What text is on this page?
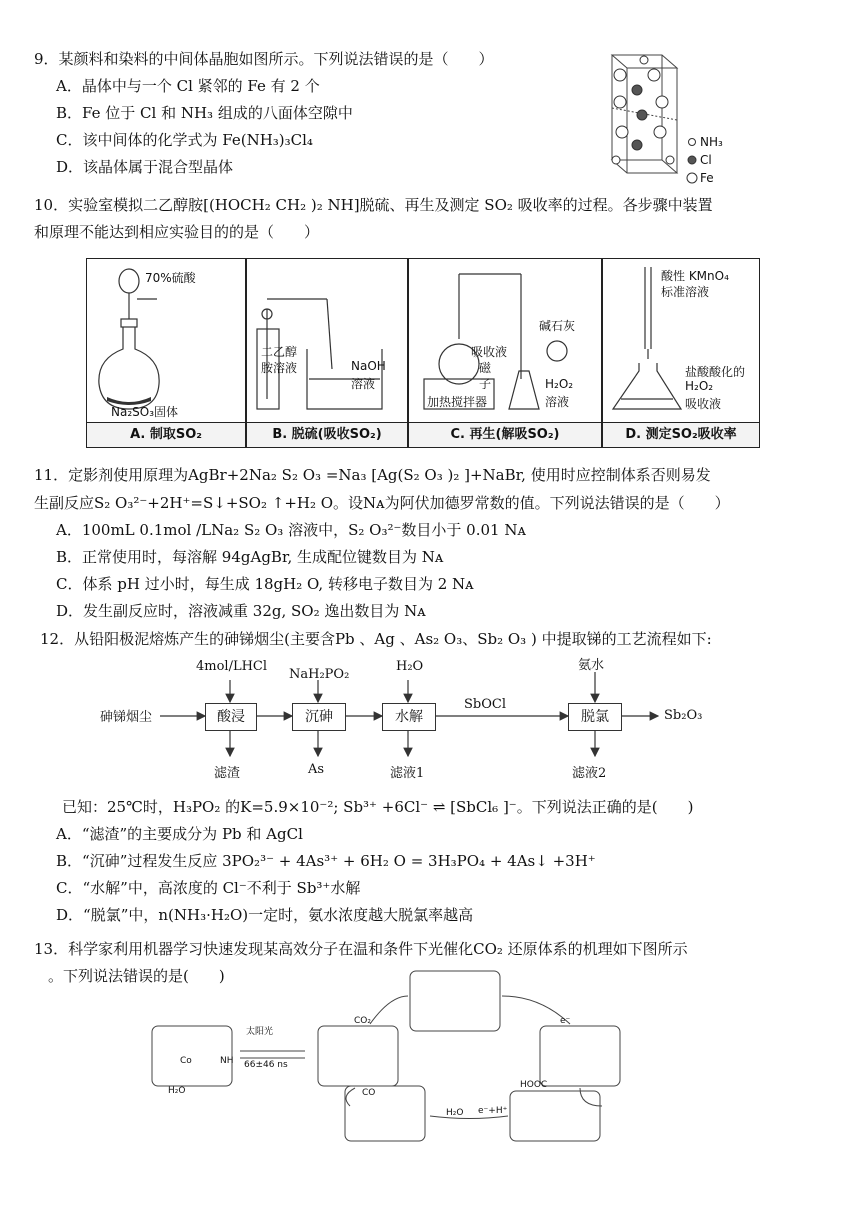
9．某颜料和染料的中间体晶胞如图所示。下列说法错误的是（　　）
A．晶体中与一个 Cl 紧邻的 Fe 有 2 个
B．Fe 位于 Cl 和 NH₃ 组成的八面体空隙中
C．该中间体的化学式为 Fe(NH₃)₃Cl₄
D．该晶体属于混合型晶体
NH₃
Cl
Fe
10．实验室模拟二乙醇胺[(HOCH₂ CH₂ )₂ NH]脱硫、再生及测定 SO₂ 吸收率的过程。各步骤中装置
和原理不能达到相应实验目的的是（　　）
70%硫酸
Na₂SO₃固体
A. 制取SO₂
二乙醇
胺溶液	NaOH
溶液
B. 脱硫(吸收SO₂)
碱石灰
吸收液
磁
子
加热搅拌器
H₂O₂
溶液
C. 再生(解吸SO₂)
酸性 KMnO₄
标准溶液
盐酸酸化的
H₂O₂
吸收液
D. 测定SO₂吸收率
11．定影剂使用原理为AgBr+2Na₂ S₂ O₃ =Na₃ [Ag(S₂ O₃ )₂ ]+NaBr, 使用时应控制体系否则易发
生副反应S₂ O₃²⁻+2H⁺=S↓+SO₂ ↑+H₂ O。设Nᴀ为阿伏加德罗常数的值。下列说法错误的是（　　）
A．100mL 0.1mol /LNa₂ S₂ O₃ 溶液中，S₂ O₃²⁻数目小于 0.01 Nᴀ
B．正常使用时，每溶解 94gAgBr, 生成配位键数目为 Nᴀ
C．体系 pH 过小时，每生成 18gH₂ O, 转移电子数目为 2 Nᴀ
D．发生副反应时，溶液减重 32g, SO₂ 逸出数目为 Nᴀ
12．从铅阳极泥熔炼产生的砷锑烟尘(主要含Pb 、Ag 、As₂ O₃、Sb₂ O₃ ) 中提取锑的工艺流程如下:
砷锑烟尘	酸浸	沉砷	水解	脱氯
4mol/LHCl
NaH₂PO₂
H₂O	氨水
滤渣	As	滤液1	滤液2
SbOCl
Sb₂O₃
已知：25℃时，H₃PO₂ 的K=5.9×10⁻²; Sb³⁺ +6Cl⁻ ⇌ [SbCl₆ ]⁻。下列说法正确的是(　　)
A．“滤渣”的主要成分为 Pb 和 AgCl
B．“沉砷”过程发生反应 3PO₂³⁻ + 4As³⁺ + 6H₂ O = 3H₃PO₄ + 4As↓ +3H⁺
C．“水解”中，高浓度的 Cl⁻不利于 Sb³⁺水解
D．“脱氯”中，n(NH₃·H₂O)一定时，氨水浓度越大脱氯率越高
13．科学家利用机器学习快速发现某高效分子在温和条件下光催化CO₂ 还原体系的机理如下图所示
。下列说法错误的是(　　)
太阳光
66±46 ns
CO₂	e⁻
HOOC
e⁻+H⁺
H₂O
CO
Co	NH
H₂O
